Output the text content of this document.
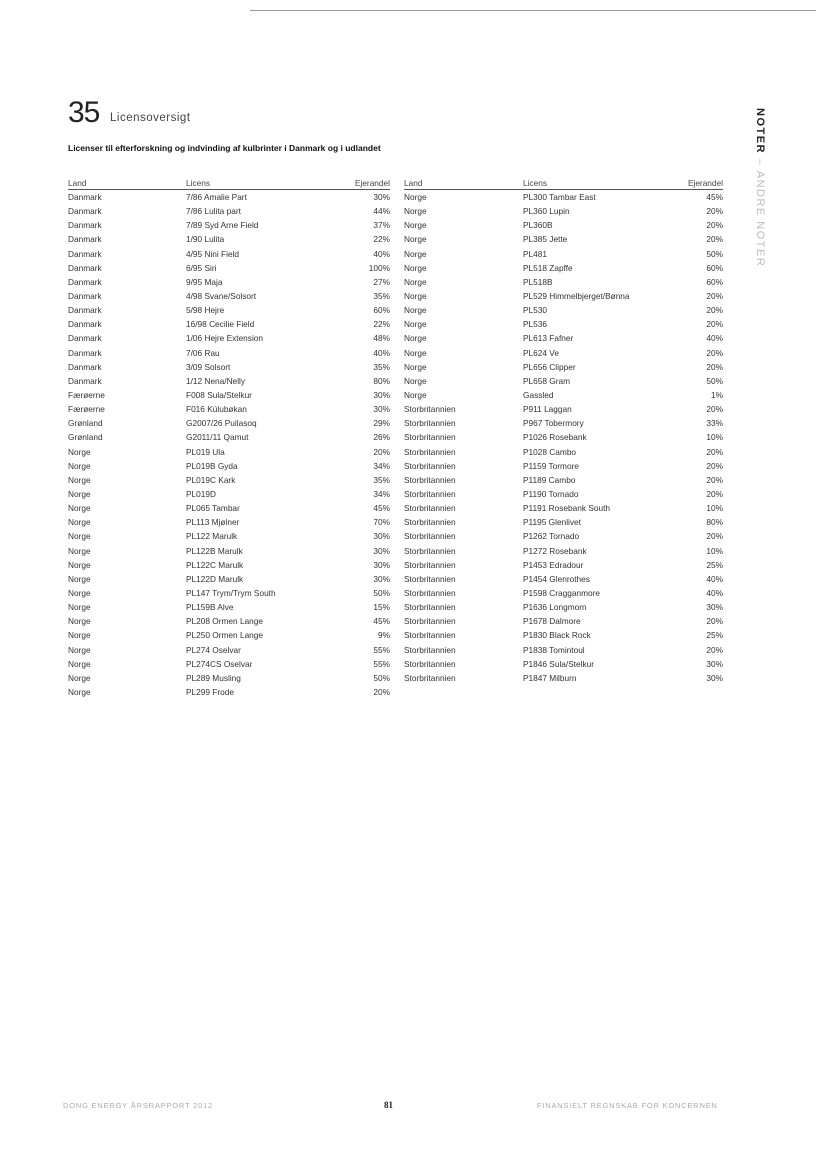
35 Licensoversigt
Licenser til efterforskning og indvinding af kulbrinter i Danmark og i udlandet	NOTER – ANDRE NOTER
Land	Licens	Ejerandel
Danmark	7/86 Amalie Part	30%
Danmark	7/86 Lulita part	44%
Danmark	7/89 Syd Arne Field	37%
Danmark	1/90 Lulita	22%
Danmark	4/95 Nini Field	40%
Danmark	6/95 Siri	100%
Danmark	9/95 Maja	27%
Danmark	4/98 Svane/Solsort	35%
Danmark	5/98 Hejre	60%
Danmark	16/98 Cecilie Field	22%
Danmark	1/06 Hejre Extension	48%
Danmark	7/06 Rau	40%
Danmark	3/09 Solsort	35%
Danmark	1/12 Nena/Nelly	80%
Færøerne	F008 Sula/Stelkur	30%
Færøerne	F016 Kúlubøkan	30%
Grønland	G2007/26 Puilasoq	29%
Grønland	G2011/11 Qamut	26%
Norge	PL019 Ula	20%
Norge	PL019B Gyda	34%
Norge	PL019C Kark	35%
Norge	PL019D	34%
Norge	PL065 Tambar	45%
Norge	PL113 Mjølner	70%
Norge	PL122 Marulk	30%
Norge	PL122B Marulk	30%
Norge	PL122C Marulk	30%
Norge	PL122D Marulk	30%
Norge	PL147 Trym/Trym South	50%
Norge	PL159B Alve	15%
Norge	PL208 Ormen Lange	45%
Norge	PL250 Ormen Lange	9%
Norge	PL274 Oselvar	55%
Norge	PL274CS Oselvar	55%
Norge	PL289 Musling	50%
Norge	PL299 Frode	20%
Land	Licens	Ejerandel
Norge	PL300 Tambar East	45%
Norge	PL360 Lupin	20%
Norge	PL360B	20%
Norge	PL385 Jette	20%
Norge	PL481	50%
Norge	PL518 Zapffe	60%
Norge	PL518B	60%
Norge	PL529 Himmelbjerget/Bønna	20%
Norge	PL530	20%
Norge	PL536	20%
Norge	PL613 Fafner	40%
Norge	PL624 Ve	20%
Norge	PL656 Clipper	20%
Norge	PL658 Gram	50%
Norge	Gassled	1%
Storbritannien	P911 Laggan	20%
Storbritannien	P967 Tobermory	33%
Storbritannien	P1026 Rosebank	10%
Storbritannien	P1028 Cambo	20%
Storbritannien	P1159 Tormore	20%
Storbritannien	P1189 Cambo	20%
Storbritannien	P1190 Tornado	20%
Storbritannien	P1191 Rosebank South	10%
Storbritannien	P1195 Glenlivet	80%
Storbritannien	P1262 Tornado	20%
Storbritannien	P1272 Rosebank	10%
Storbritannien	P1453 Edradour	25%
Storbritannien	P1454 Glenrothes	40%
Storbritannien	P1598 Cragganmore	40%
Storbritannien	P1636 Longmorn	30%
Storbritannien	P1678 Dalmore	20%
Storbritannien	P1830 Black Rock	25%
Storbritannien	P1838 Tomintoul	20%
Storbritannien	P1846 Sula/Stelkur	30%
Storbritannien	P1847 Milburn	30%
DONG ENERGY ÅRSRAPPORT 2012	81	FINANSIELT REGNSKAB FOR KONCERNEN
